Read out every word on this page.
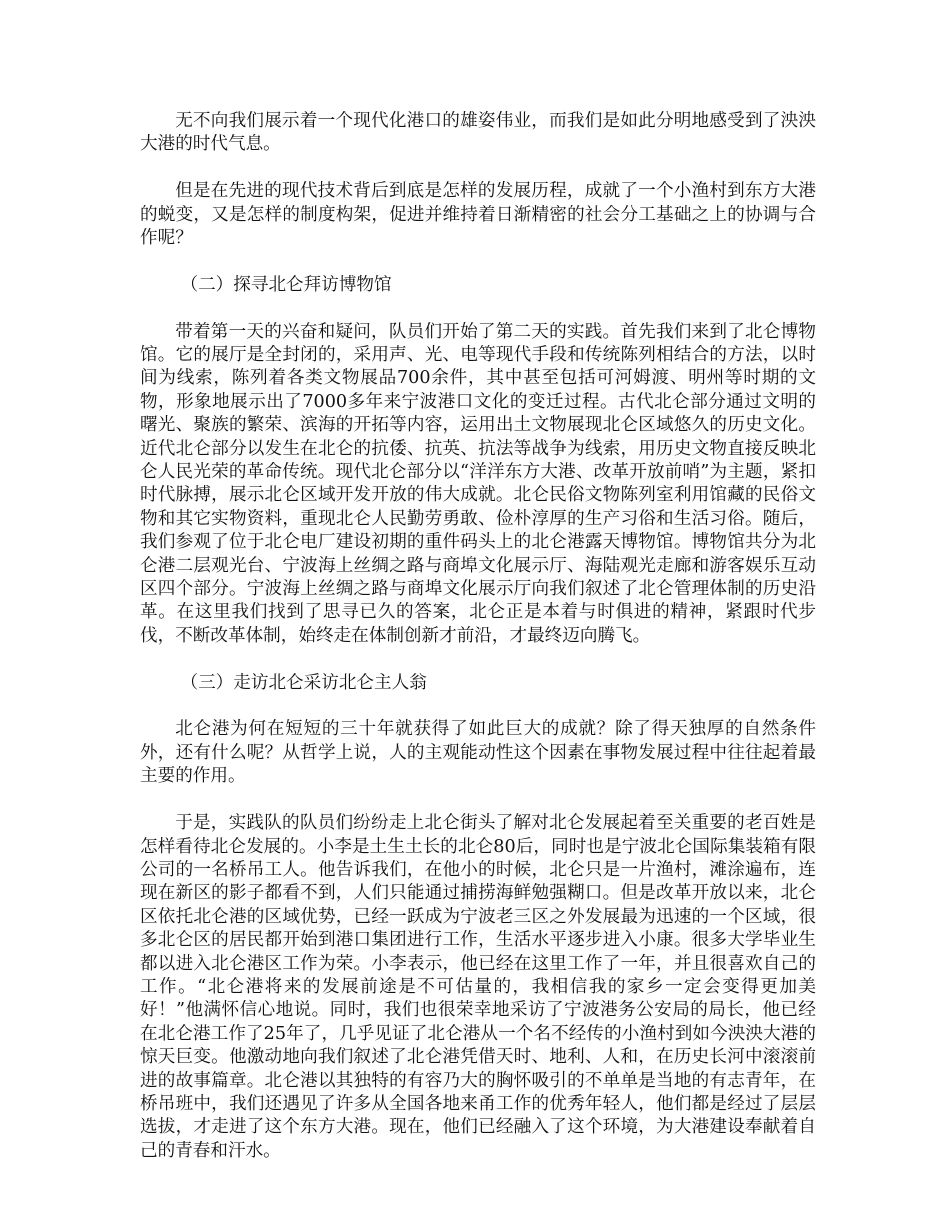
无不向我们展示着一个现代化港口的雄姿伟业，而我们是如此分明地感受到了泱泱大港的时代气息。

但是在先进的现代技术背后到底是怎样的发展历程，成就了一个小渔村到东方大港的蜕变，又是怎样的制度构架，促进并维持着日渐精密的社会分工基础之上的协调与合作呢？

（二）探寻北仑拜访博物馆

带着第一天的兴奋和疑问，队员们开始了第二天的实践。首先我们来到了北仑博物馆。它的展厅是全封闭的，采用声、光、电等现代手段和传统陈列相结合的方法，以时间为线索，陈列着各类文物展品700余件，其中甚至包括可河姆渡、明州等时期的文物，形象地展示出了7000多年来宁波港口文化的变迁过程。古代北仑部分通过文明的曙光、聚族的繁荣、滨海的开拓等内容，运用出土文物展现北仑区域悠久的历史文化。近代北仑部分以发生在北仑的抗倭、抗英、抗法等战争为线索，用历史文物直接反映北仑人民光荣的革命传统。现代北仑部分以“洋洋东方大港、改革开放前哨”为主题，紧扣时代脉搏，展示北仑区域开发开放的伟大成就。北仑民俗文物陈列室利用馆藏的民俗文物和其它实物资料，重现北仑人民勤劳勇敢、俭朴淳厚的生产习俗和生活习俗。随后，我们参观了位于北仑电厂建设初期的重件码头上的北仑港露天博物馆。博物馆共分为北仑港二层观光台、宁波海上丝绸之路与商埠文化展示厅、海陆观光走廊和游客娱乐互动区四个部分。宁波海上丝绸之路与商埠文化展示厅向我们叙述了北仑管理体制的历史沿革。在这里我们找到了思寻已久的答案，北仑正是本着与时俱进的精神，紧跟时代步伐，不断改革体制，始终走在体制创新才前沿，才最终迈向腾飞。

（三）走访北仑采访北仑主人翁

北仑港为何在短短的三十年就获得了如此巨大的成就？除了得天独厚的自然条件外，还有什么呢？从哲学上说，人的主观能动性这个因素在事物发展过程中往往起着最主要的作用。

于是，实践队的队员们纷纷走上北仑街头了解对北仑发展起着至关重要的老百姓是怎样看待北仑发展的。小李是土生土长的北仑80后，同时也是宁波北仑国际集装箱有限公司的一名桥吊工人。他告诉我们，在他小的时候，北仑只是一片渔村，滩涂遍布，连现在新区的影子都看不到，人们只能通过捕捞海鲜勉强糊口。但是改革开放以来，北仑区依托北仑港的区域优势，已经一跃成为宁波老三区之外发展最为迅速的一个区域，很多北仑区的居民都开始到港口集团进行工作，生活水平逐步进入小康。很多大学毕业生都以进入北仑港区工作为荣。小李表示，他已经在这里工作了一年，并且很喜欢自己的工作。“北仑港将来的发展前途是不可估量的，我相信我的家乡一定会变得更加美好！”他满怀信心地说。同时，我们也很荣幸地采访了宁波港务公安局的局长，他已经在北仑港工作了25年了，几乎见证了北仑港从一个名不经传的小渔村到如今泱泱大港的惊天巨变。他激动地向我们叙述了北仑港凭借天时、地利、人和，在历史长河中滚滚前进的故事篇章。北仑港以其独特的有容乃大的胸怀吸引的不单单是当地的有志青年，在桥吊班中，我们还遇见了许多从全国各地来甬工作的优秀年轻人，他们都是经过了层层选拔，才走进了这个东方大港。现在，他们已经融入了这个环境，为大港建设奉献着自己的青春和汗水。
